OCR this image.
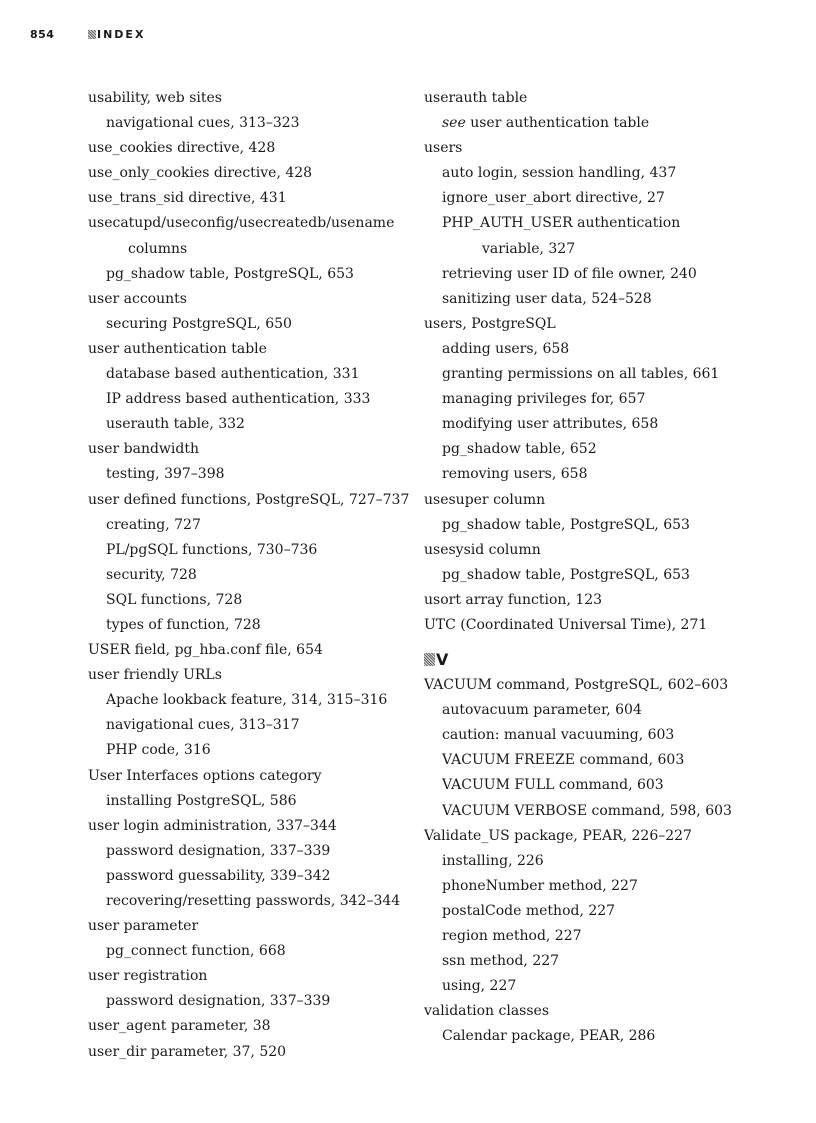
854	INDEX
usability, web sites
navigational cues, 313–323
use_cookies directive, 428
use_only_cookies directive, 428
use_trans_sid directive, 431
usecatupd/useconfig/usecreatedb/usename columns
pg_shadow table, PostgreSQL, 653
user accounts
securing PostgreSQL, 650
user authentication table
database based authentication, 331
IP address based authentication, 333
userauth table, 332
user bandwidth
testing, 397–398
user defined functions, PostgreSQL, 727–737
creating, 727
PL/pgSQL functions, 730–736
security, 728
SQL functions, 728
types of function, 728
USER field, pg_hba.conf file, 654
user friendly URLs
Apache lookback feature, 314, 315–316
navigational cues, 313–317
PHP code, 316
User Interfaces options category
installing PostgreSQL, 586
user login administration, 337–344
password designation, 337–339
password guessability, 339–342
recovering/resetting passwords, 342–344
user parameter
pg_connect function, 668
user registration
password designation, 337–339
user_agent parameter, 38
user_dir parameter, 37, 520
userauth table
see user authentication table
users
auto login, session handling, 437
ignore_user_abort directive, 27
PHP_AUTH_USER authentication variable, 327
retrieving user ID of file owner, 240
sanitizing user data, 524–528
users, PostgreSQL
adding users, 658
granting permissions on all tables, 661
managing privileges for, 657
modifying user attributes, 658
pg_shadow table, 652
removing users, 658
usesuper column
pg_shadow table, PostgreSQL, 653
usesysid column
pg_shadow table, PostgreSQL, 653
usort array function, 123
UTC (Coordinated Universal Time), 271
V
VACUUM command, PostgreSQL, 602–603
autovacuum parameter, 604
caution: manual vacuuming, 603
VACUUM FREEZE command, 603
VACUUM FULL command, 603
VACUUM VERBOSE command, 598, 603
Validate_US package, PEAR, 226–227
installing, 226
phoneNumber method, 227
postalCode method, 227
region method, 227
ssn method, 227
using, 227
validation classes
Calendar package, PEAR, 286
